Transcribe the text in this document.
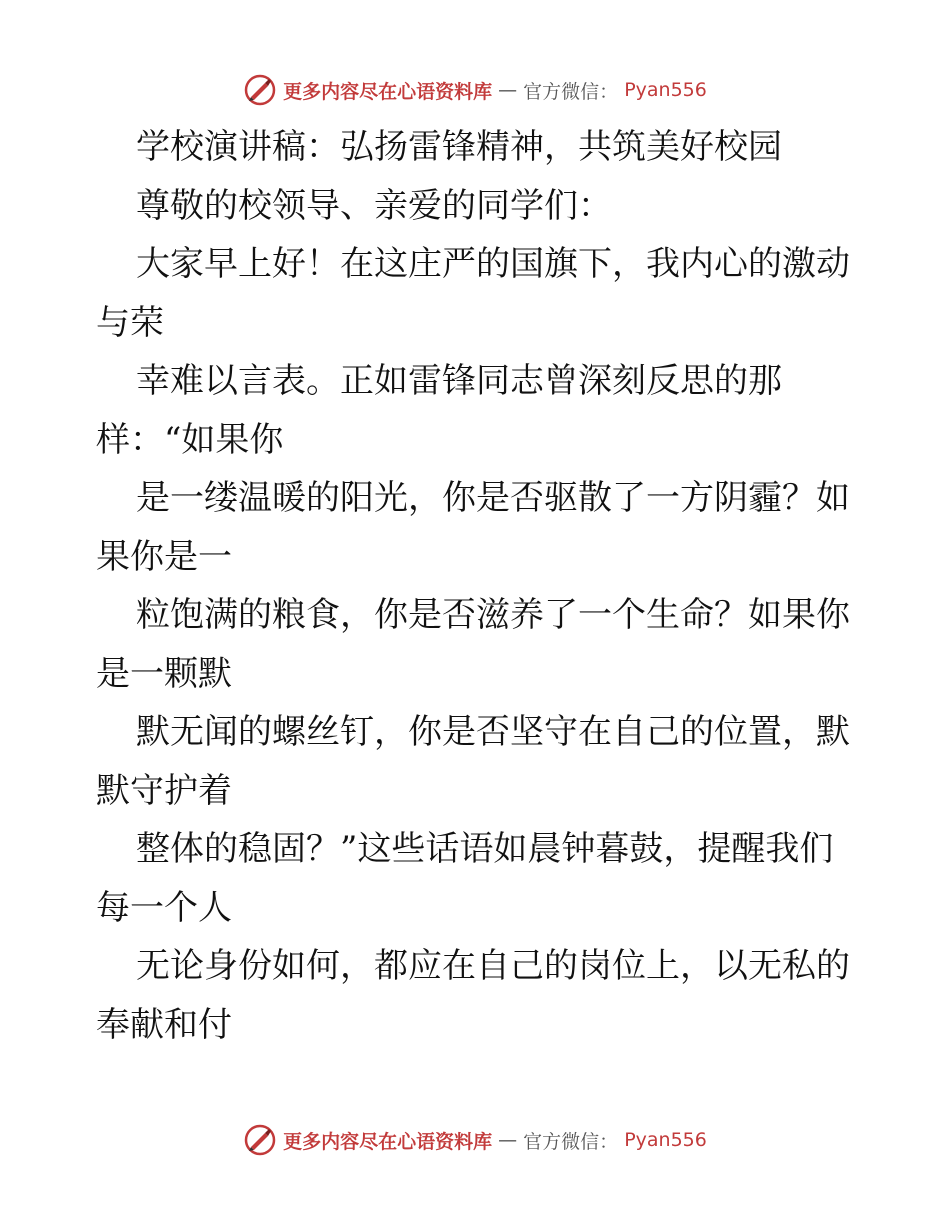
更多内容尽在心语资料库 — 官方微信： Pyan556
学校演讲稿：弘扬雷锋精神，共筑美好校园
尊敬的校领导、亲爱的同学们：
大家早上好！在这庄严的国旗下，我内心的激动
与荣
幸难以言表。正如雷锋同志曾深刻反思的那
样：“如果你
是一缕温暖的阳光，你是否驱散了一方阴霾？如
果你是一
粒饱满的粮食，你是否滋养了一个生命？如果你
是一颗默
默无闻的螺丝钉，你是否坚守在自己的位置，默
默守护着
整体的稳固？”这些话语如晨钟暮鼓，提醒我们
每一个人
无论身份如何，都应在自己的岗位上，以无私的
奉献和付
更多内容尽在心语资料库 — 官方微信： Pyan556
